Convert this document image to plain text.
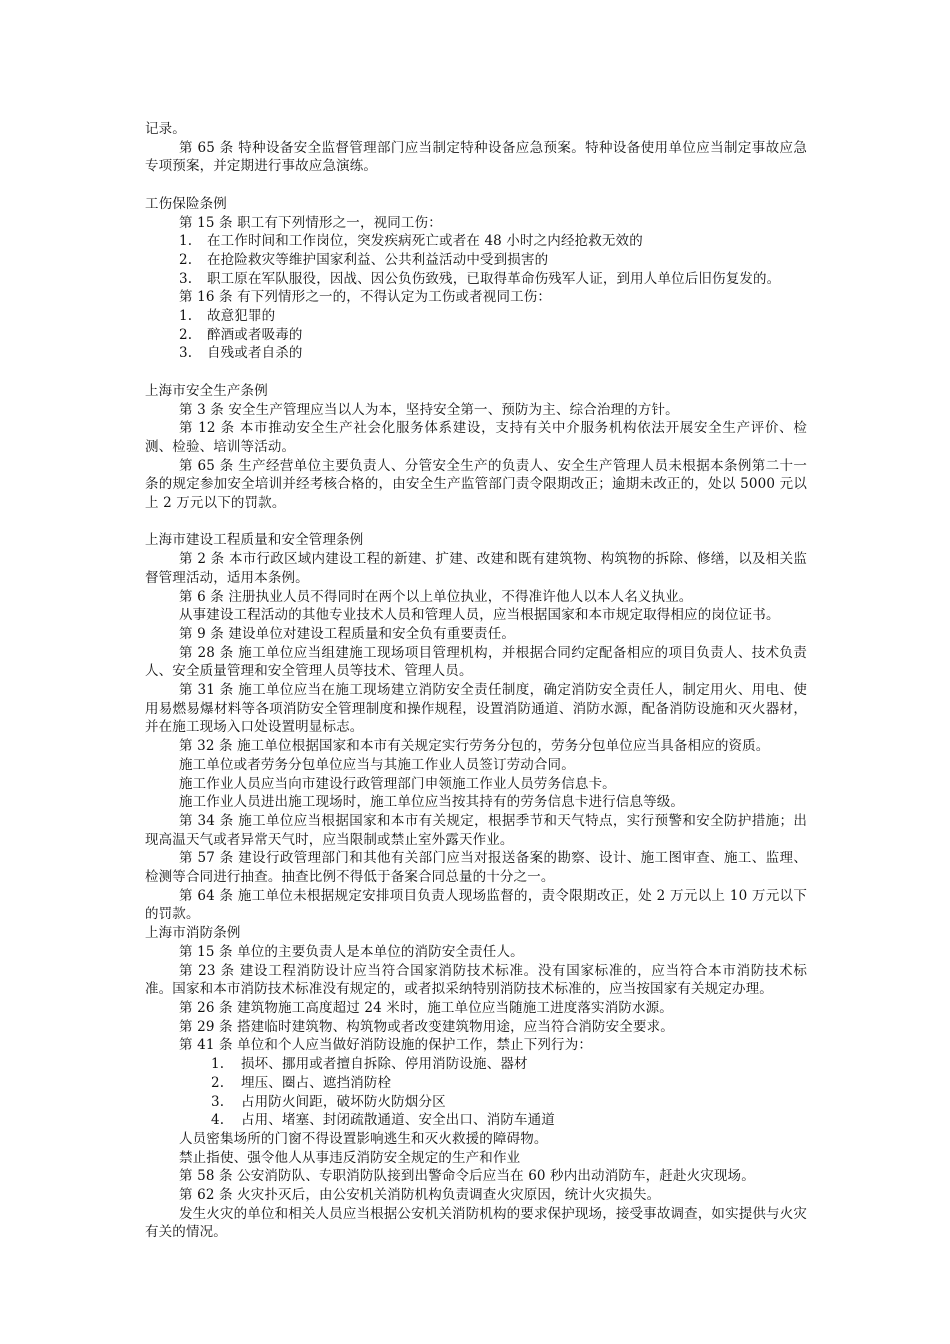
记录。

第 65 条 特种设备安全监督管理部门应当制定特种设备应急预案。特种设备使用单位应当制定事故应急专项预案，并定期进行事故应急演练。

工伤保险条例

第 15 条 职工有下列情形之一，视同工伤：

1.	在工作时间和工作岗位，突发疾病死亡或者在 48 小时之内经抢救无效的
2.	在抢险救灾等维护国家利益、公共利益活动中受到损害的
3.	职工原在军队服役，因战、因公负伤致残，已取得革命伤残军人证，到用人单位后旧伤复发的。

第 16 条 有下列情形之一的，不得认定为工伤或者视同工伤：

1.	故意犯罪的
2.	醉酒或者吸毒的
3.	自残或者自杀的

上海市安全生产条例

第 3 条 安全生产管理应当以人为本，坚持安全第一、预防为主、综合治理的方针。

第 12 条 本市推动安全生产社会化服务体系建设，支持有关中介服务机构依法开展安全生产评价、检测、检验、培训等活动。

第 65 条 生产经营单位主要负责人、分管安全生产的负责人、安全生产管理人员未根据本条例第二十一条的规定参加安全培训并经考核合格的，由安全生产监管部门责令限期改正；逾期未改正的，处以 5000 元以上 2 万元以下的罚款。

上海市建设工程质量和安全管理条例

第 2 条 本市行政区域内建设工程的新建、扩建、改建和既有建筑物、构筑物的拆除、修缮，以及相关监督管理活动，适用本条例。

第 6 条 注册执业人员不得同时在两个以上单位执业，不得准许他人以本人名义执业。

从事建设工程活动的其他专业技术人员和管理人员，应当根据国家和本市规定取得相应的岗位证书。

第 9 条 建设单位对建设工程质量和安全负有重要责任。

第 28 条 施工单位应当组建施工现场项目管理机构，并根据合同约定配备相应的项目负责人、技术负责人、安全质量管理和安全管理人员等技术、管理人员。

第 31 条 施工单位应当在施工现场建立消防安全责任制度，确定消防安全责任人，制定用火、用电、使用易燃易爆材料等各项消防安全管理制度和操作规程，设置消防通道、消防水源，配备消防设施和灭火器材，并在施工现场入口处设置明显标志。

第 32 条 施工单位根据国家和本市有关规定实行劳务分包的，劳务分包单位应当具备相应的资质。

施工单位或者劳务分包单位应当与其施工作业人员签订劳动合同。

施工作业人员应当向市建设行政管理部门申领施工作业人员劳务信息卡。

施工作业人员进出施工现场时，施工单位应当按其持有的劳务信息卡进行信息等级。

第 34 条 施工单位应当根据国家和本市有关规定，根据季节和天气特点，实行预警和安全防护措施；出现高温天气或者异常天气时，应当限制或禁止室外露天作业。

第 57 条 建设行政管理部门和其他有关部门应当对报送备案的勘察、设计、施工图审查、施工、监理、检测等合同进行抽查。抽查比例不得低于备案合同总量的十分之一。

第 64 条 施工单位未根据规定安排项目负责人现场监督的，责令限期改正，处 2 万元以上 10 万元以下的罚款。

上海市消防条例

第 15 条 单位的主要负责人是本单位的消防安全责任人。

第 23 条 建设工程消防设计应当符合国家消防技术标准。没有国家标准的，应当符合本市消防技术标准。国家和本市消防技术标准没有规定的，或者拟采纳特别消防技术标准的，应当按国家有关规定办理。

第 26 条 建筑物施工高度超过 24 米时，施工单位应当随施工进度落实消防水源。

第 29 条 搭建临时建筑物、构筑物或者改变建筑物用途，应当符合消防安全要求。

第 41 条 单位和个人应当做好消防设施的保护工作，禁止下列行为：

1.	损坏、挪用或者擅自拆除、停用消防设施、器材
2.	埋压、圈占、遮挡消防栓
3.	占用防火间距，破坏防火防烟分区
4.	占用、堵塞、封闭疏散通道、安全出口、消防车通道

人员密集场所的门窗不得设置影响逃生和灭火救援的障碍物。

禁止指使、强令他人从事违反消防安全规定的生产和作业

第 58 条 公安消防队、专职消防队接到出警命令后应当在 60 秒内出动消防车，赶赴火灾现场。

第 62 条 火灾扑灭后，由公安机关消防机构负责调查火灾原因，统计火灾损失。

发生火灾的单位和相关人员应当根据公安机关消防机构的要求保护现场，接受事故调查，如实提供与火灾有关的情况。
